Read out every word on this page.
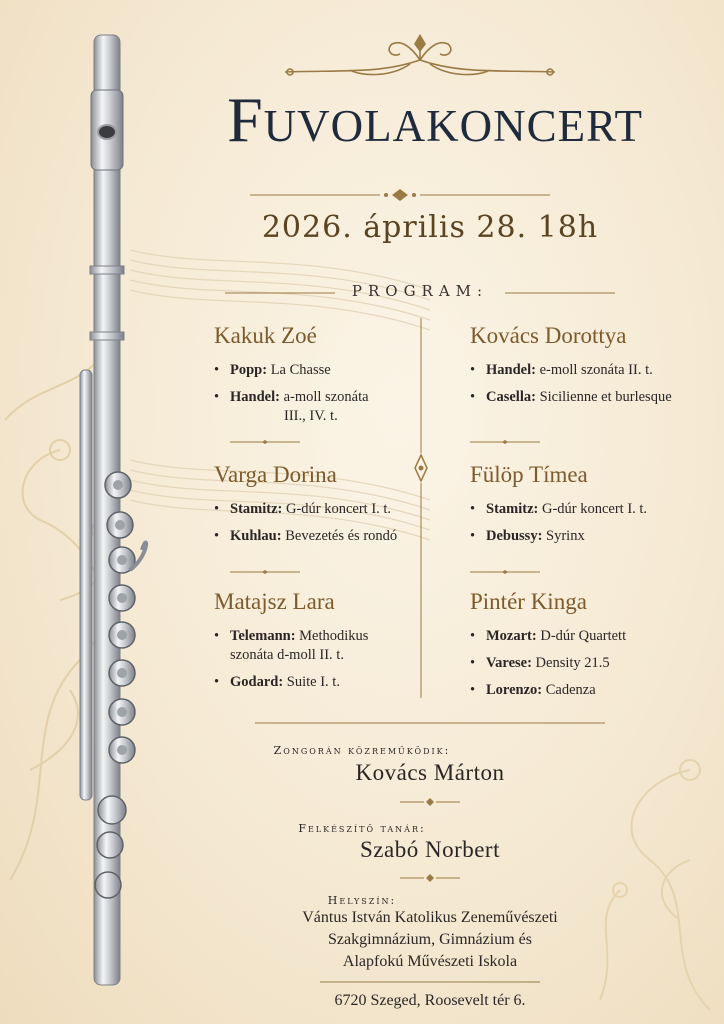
Fuvolakoncert
2026. április 28. 18h
PROGRAM:
Kakuk Zoé
• Popp: La Chasse
• Handel: a-moll szonáta
III., IV. t.
Kovács Dorottya
• Handel: e-moll szonáta II. t.
• Casella: Sicilienne et burlesque
Varga Dorina
• Stamitz: G-dúr koncert I. t.
• Kuhlau: Bevezetés és rondó
Fülöp Tímea
• Stamitz: G-dúr koncert I. t.
• Debussy: Syrinx
Matajsz Lara
• Telemann: Methodikus
szonáta d-moll II. t.
• Godard: Suite I. t.
Pintér Kinga
• Mozart: D-dúr Quartett
• Varese: Density 21.5
• Lorenzo: Cadenza
Zongorán közreműködik:
Kovács Márton
Felkészítő tanár:
Szabó Norbert
Helyszín:
Vántus István Katolikus Zeneművészeti
Szakgimnázium, Gimnázium és
Alapfokú Művészeti Iskola
6720 Szeged, Roosevelt tér 6.
